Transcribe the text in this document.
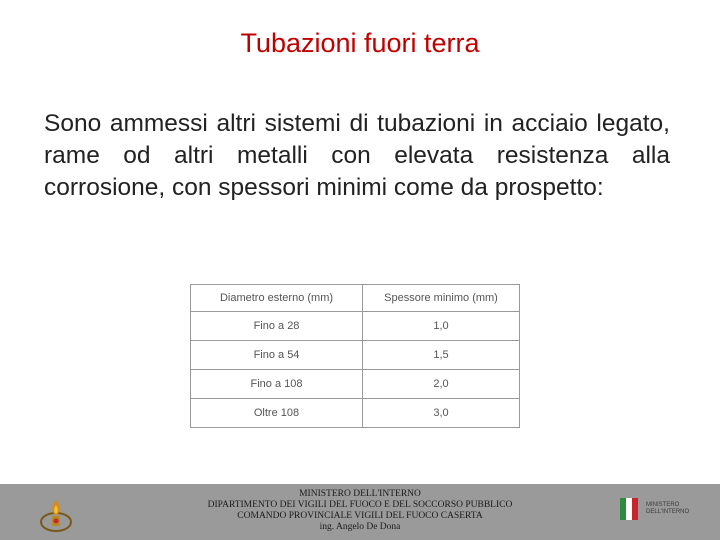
Tubazioni fuori terra
Sono ammessi altri sistemi di tubazioni in acciaio legato, rame od altri metalli con elevata resistenza alla corrosione, con spessori minimi come da prospetto:
Diametro esterno (mm)	Spessore minimo (mm)
Fino a 28	1,0
Fino a 54	1,5
Fino a 108	2,0
Oltre 108	3,0
MINISTERO DELL'INTERNO
DIPARTIMENTO DEI VIGILI DEL FUOCO E DEL SOCCORSO PUBBLICO
COMANDO PROVINCIALE VIGILI DEL FUOCO CASERTA
ing. Angelo De Dona
MINISTERO DELL'INTERNO
